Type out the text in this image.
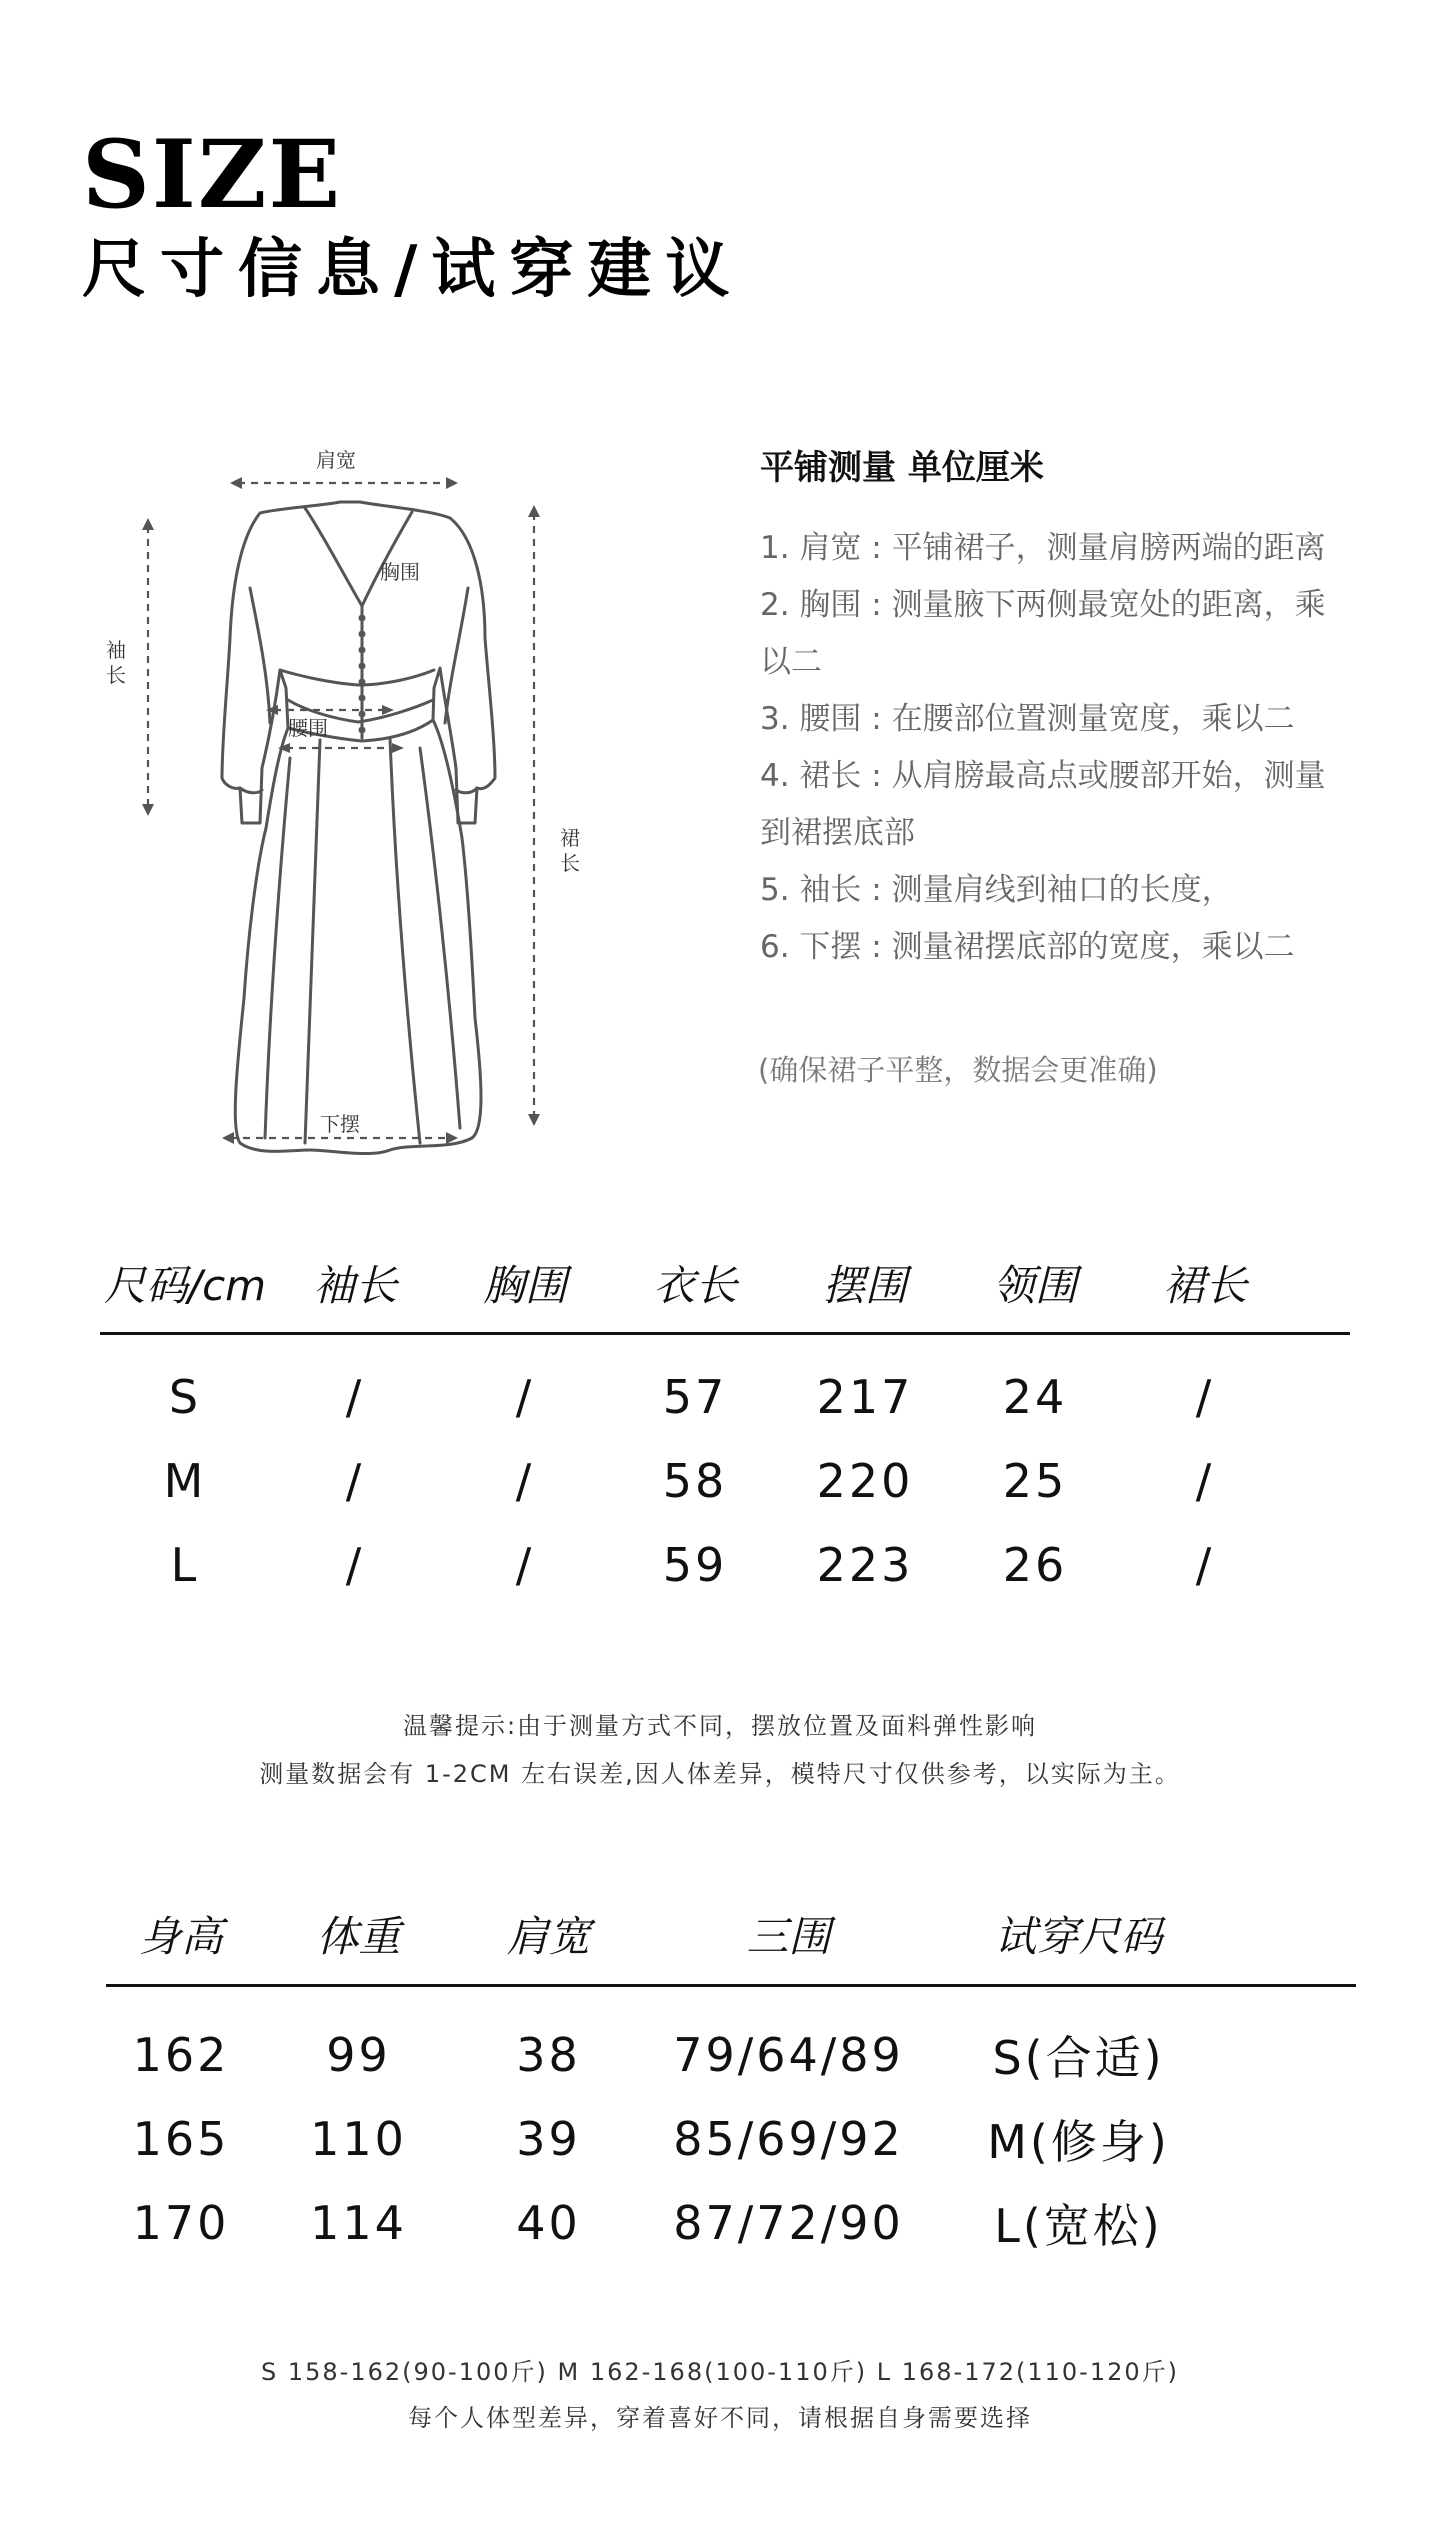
SIZE
尺寸信息/试穿建议
肩宽
胸围
腰围
袖长
裙长
下摆
平铺测量 单位厘米
1. 肩宽 : 平铺裙子，测量肩膀两端的距离
2. 胸围 : 测量腋下两侧最宽处的距离，乘
以二
3. 腰围 : 在腰部位置测量宽度，乘以二
4. 裙长 : 从肩膀最高点或腰部开始，测量
到裙摆底部
5. 袖长 : 测量肩线到袖口的长度，
6. 下摆 : 测量裙摆底部的宽度，乘以二
(确保裙子平整，数据会更准确)
尺码/cm	袖长	胸围	衣长	摆围	领围	裙长
S	/	/	57	217	24	/
M	/	/	58	220	25	/
L	/	/	59	223	26	/
温馨提示:由于测量方式不同，摆放位置及面料弹性影响
测量数据会有 1-2CM 左右误差,因人体差异，模特尺寸仅供参考，以实际为主。
身高	体重	肩宽	三围	试穿尺码
162	99	38	79/64/89	S(合适)
165	110	39	85/69/92	M(修身)
170	114	40	87/72/90	L(宽松)
S 158-162(90-100斤) M 162-168(100-110斤) L 168-172(110-120斤)
每个人体型差异，穿着喜好不同，请根据自身需要选择
